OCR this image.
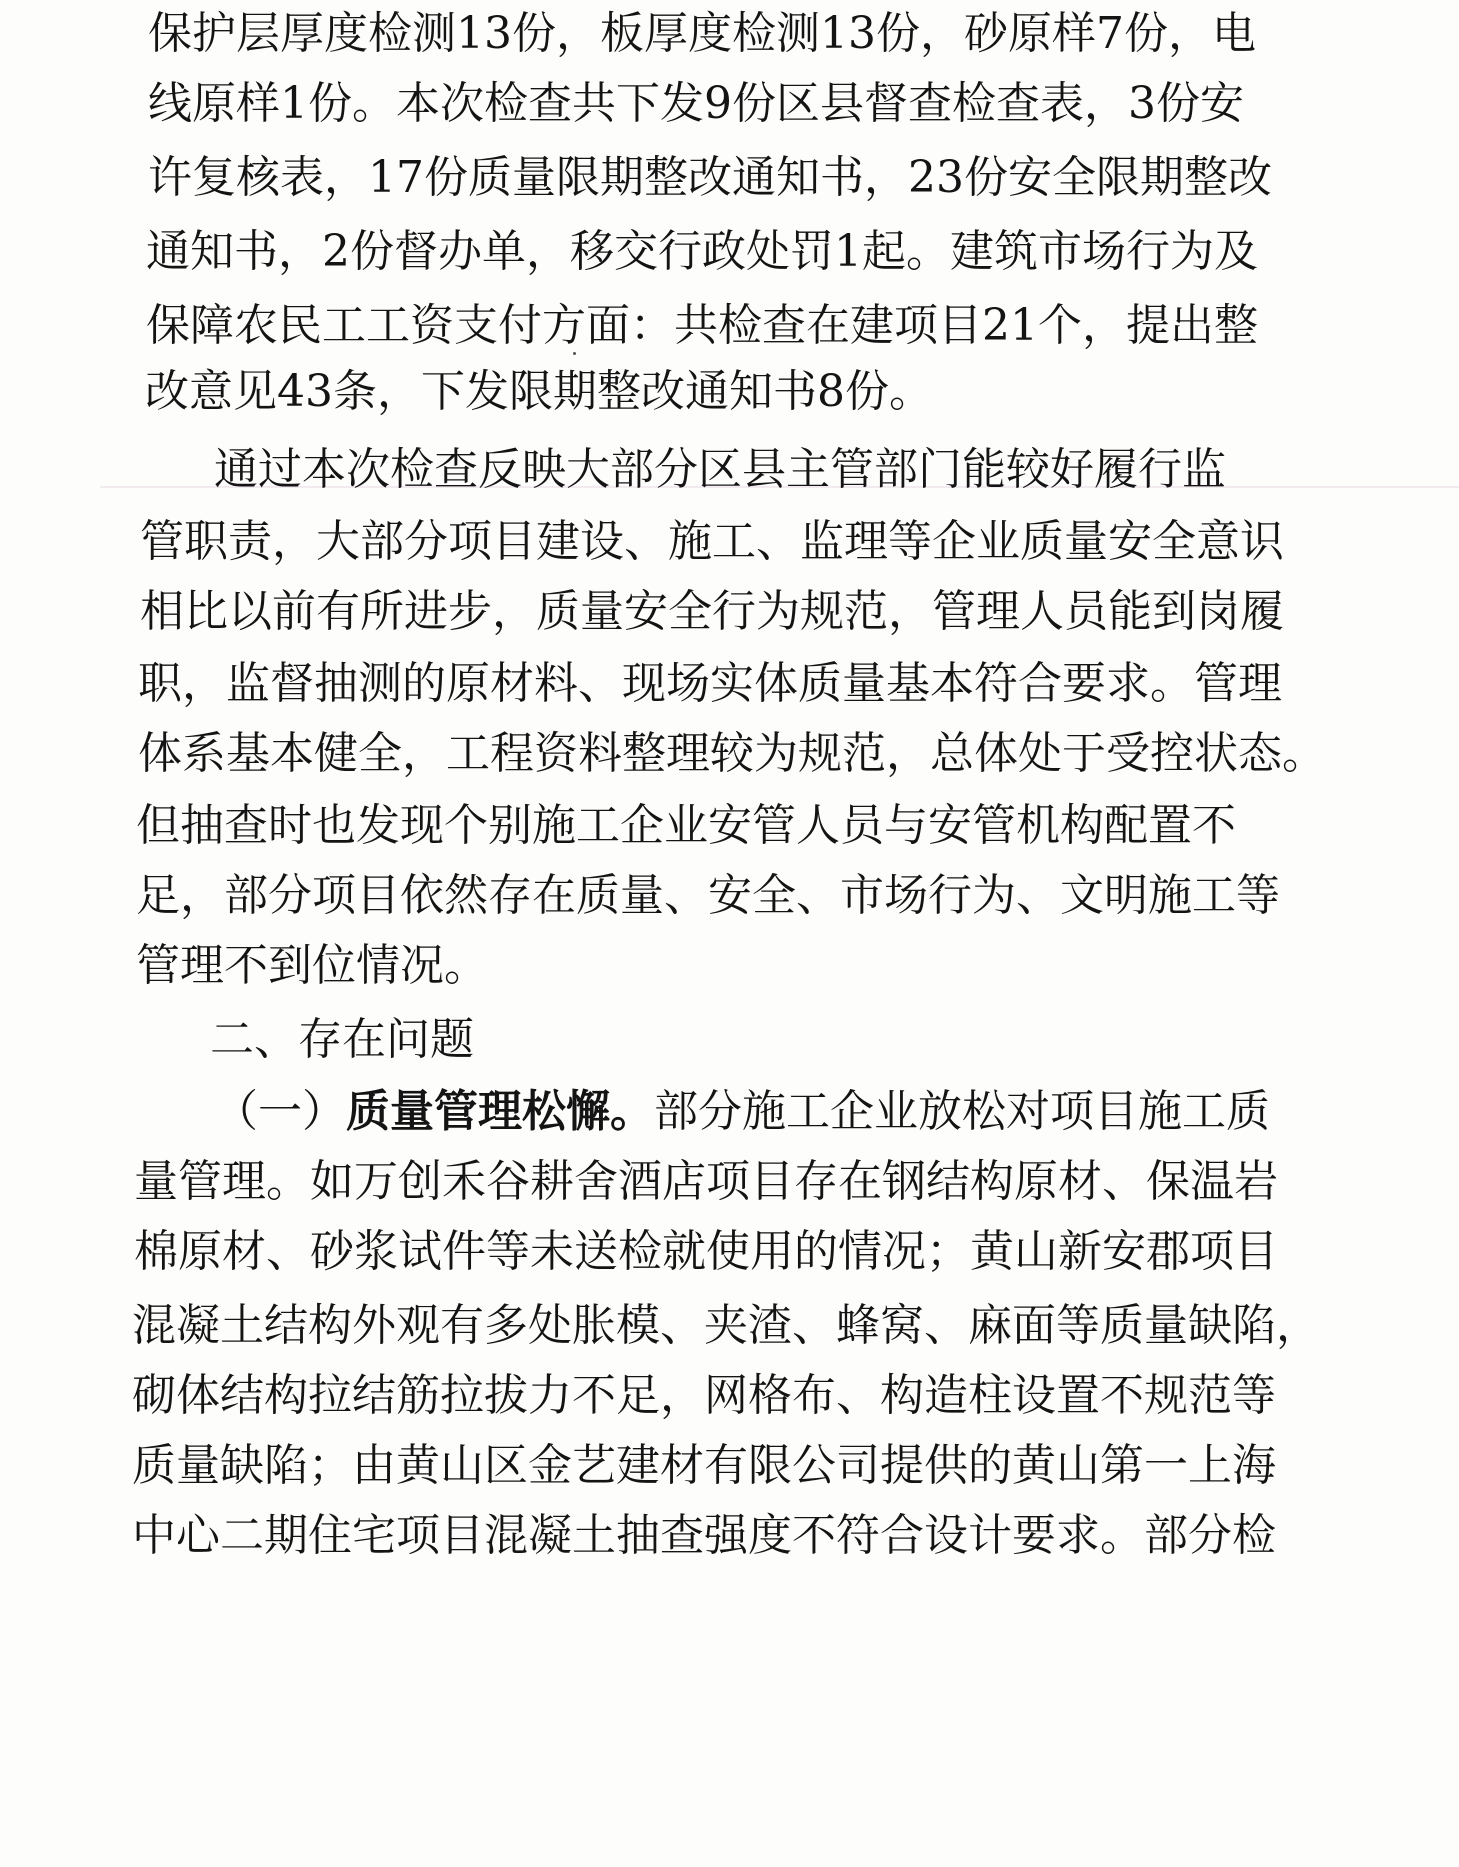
保护层厚度检测13份，板厚度检测13份，砂原样7份，电
线原样1份。本次检查共下发9份区县督查检查表，3份安
许复核表，17份质量限期整改通知书，23份安全限期整改
通知书，2份督办单，移交行政处罚1起。建筑市场行为及
保障农民工工资支付方面：共检查在建项目21个，提出整
改意见43条，下发限期整改通知书8份。
通过本次检查反映大部分区县主管部门能较好履行监
管职责，大部分项目建设、施工、监理等企业质量安全意识
相比以前有所进步，质量安全行为规范，管理人员能到岗履
职，监督抽测的原材料、现场实体质量基本符合要求。管理
体系基本健全，工程资料整理较为规范，总体处于受控状态。
但抽查时也发现个别施工企业安管人员与安管机构配置不
足，部分项目依然存在质量、安全、市场行为、文明施工等
管理不到位情况。
二、存在问题
（一）质量管理松懈。部分施工企业放松对项目施工质
量管理。如万创禾谷耕舍酒店项目存在钢结构原材、保温岩
棉原材、砂浆试件等未送检就使用的情况；黄山新安郡项目
混凝土结构外观有多处胀模、夹渣、蜂窝、麻面等质量缺陷，
砌体结构拉结筋拉拔力不足，网格布、构造柱设置不规范等
质量缺陷；由黄山区金艺建材有限公司提供的黄山第一上海
中心二期住宅项目混凝土抽查强度不符合设计要求。部分检
